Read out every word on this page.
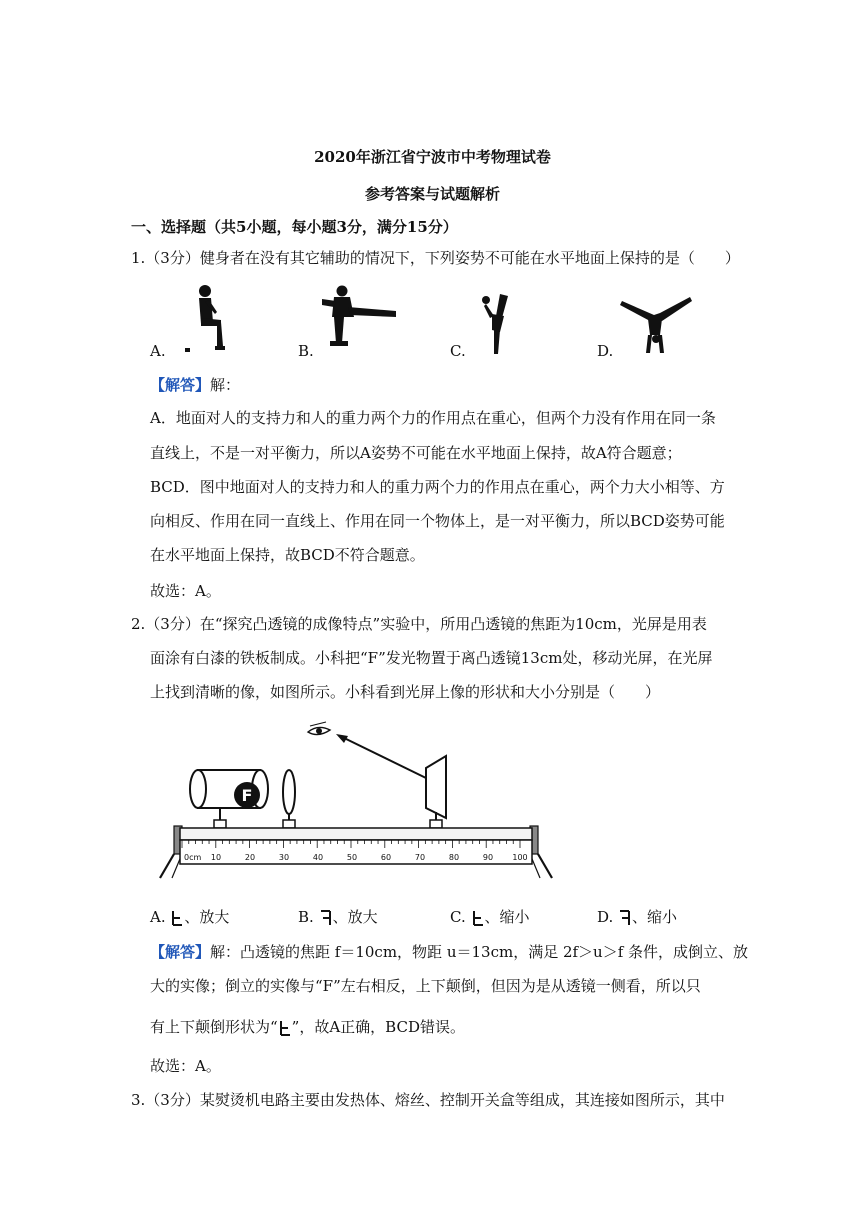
2020年浙江省宁波市中考物理试卷
参考答案与试题解析
一、选择题（共5小题，每小题3分，满分15分）
1.（3分）健身者在没有其它辅助的情况下，下列姿势不可能在水平地面上保持的是（　　）
A.	B.	C.	D.
【解答】解：
A．地面对人的支持力和人的重力两个力的作用点在重心，但两个力没有作用在同一条
直线上，不是一对平衡力，所以A姿势不可能在水平地面上保持，故A符合题意；
BCD．图中地面对人的支持力和人的重力两个力的作用点在重心，两个力大小相等、方
向相反、作用在同一直线上、作用在同一个物体上，是一对平衡力，所以BCD姿势可能
在水平地面上保持，故BCD不符合题意。
故选：A。
2.（3分）在“探究凸透镜的成像特点”实验中，所用凸透镜的焦距为10cm，光屏是用表
面涂有白漆的铁板制成。小科把“F”发光物置于离凸透镜13cm处，移动光屏，在光屏
上找到清晰的像，如图所示。小科看到光屏上像的形状和大小分别是（　　）
F
0cm 10	20	30	40	50	60	70	80	90 100
A. 、放大	B. 、放大	C. 、缩小	D. 、缩小
【解答】解：凸透镜的焦距 f＝10cm，物距 u＝13cm，满足 2f＞u＞f 条件，成倒立、放
大的实像；倒立的实像与“F”左右相反，上下颠倒，但因为是从透镜一侧看，所以只
有上下颠倒形状为“ ”，故A正确，BCD错误。
故选：A。
3.（3分）某熨烫机电路主要由发热体、熔丝、控制开关盒等组成，其连接如图所示，其中
